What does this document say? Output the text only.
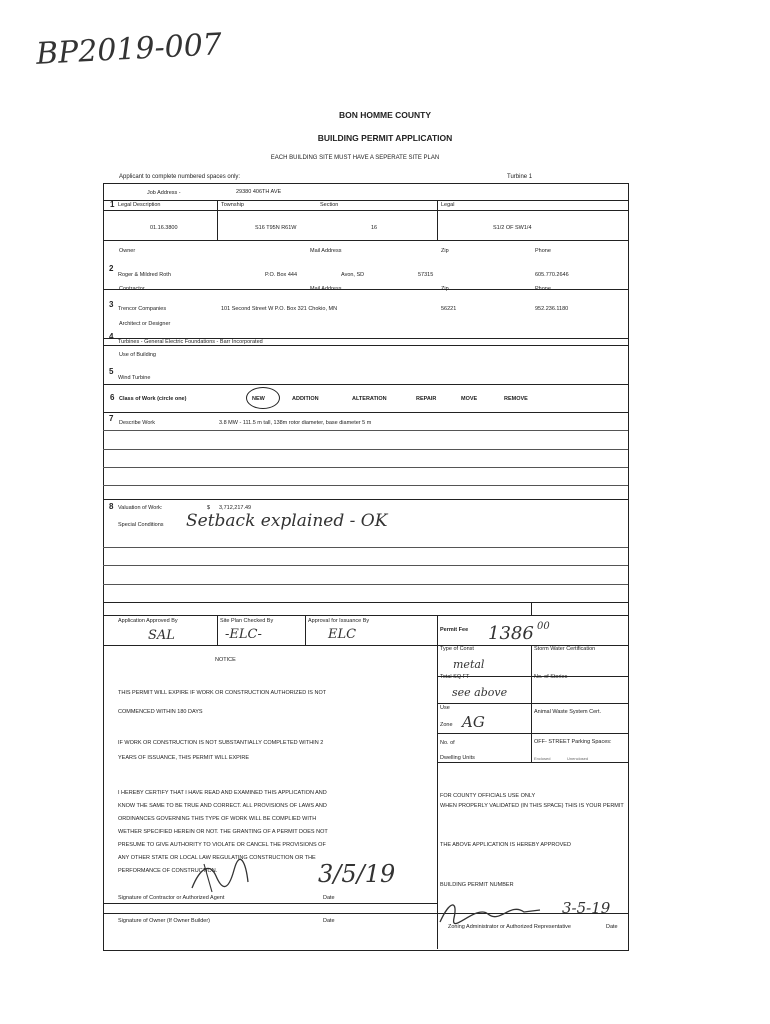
BP2019-007
BON HOMME COUNTY
BUILDING PERMIT APPLICATION
EACH BUILDING SITE MUST HAVE A SEPERATE SITE PLAN
Applicant to complete numbered spaces only:	Turbine 1
Job Address -	29380 406TH AVE
1 Legal Description	Township	Section	Legal
01.16.3800	S16 T95N R61W	16	S1/2 OF SW1/4
Owner	Mail Address	Zip	Phone
2
Roger & Mildred Roth	P.O. Box 444	Avon, SD	57315	605.770.2646
Contractor	Mail Address	Zip	Phone
3 Trencor Companies	101 Second Street W P.O. Box 321 Chokio, MN	56221	952.236.1180
Architect or Designer
4
Turbines - General Electric Foundations - Barr Incorporated
Use of Building
5
Wind Turbine
6 Class of Work (circle one)	NEW	ADDITION	ALTERATION	REPAIR	MOVE	REMOVE
7 Describe Work	3.8 MW - 111.5 m tall, 138m rotor diameter, base diameter 5 m
8 Valuation of Work:	$ 3,712,217.49
Special Conditions Setback explained - OK
Application Approved By	Site Plan Checked By	Approval for Issuance By
SAL	-ELC-	ELC	Permit Fee 1386 00
NOTICE
THIS PERMIT WILL EXPIRE IF WORK OR CONSTRUCTION AUTHORIZED IS NOT
COMMENCED WITHIN 180 DAYS
IF WORK OR CONSTRUCTION IS NOT SUBSTANTIALLY COMPLETED WITHIN 2
YEARS OF ISSUANCE, THIS PERMIT WILL EXPIRE
Type of Const	Storm Water Certification
metal
Total SQ FT	No. of Stories
see above
Use
Animal Waste System Cert.
Zone AG
No. of	OFF- STREET Parking Spaces:
Dwelling Units	Enclosed	Unenclosed
I HEREBY CERTIFY THAT I HAVE READ AND EXAMINED THIS APPLICATION AND
KNOW THE SAME TO BE TRUE AND CORRECT. ALL PROVISIONS OF LAWS AND
ORDINANCES GOVERNING THIS TYPE OF WORK WILL BE COMPLIED WITH
WETHER SPECIFIED HEREIN OR NOT. THE GRANTING OF A PERMIT DOES NOT
PRESUME TO GIVE AUTHORITY TO VIOLATE OR CANCEL THE PROVISIONS OF
ANY OTHER STATE OR LOCAL LAW REGULATING CONSTRUCTION OR THE
PERFORMANCE OF CONSTRUCTION.	3/5/19
Signature of Contractor or Authorized Agent	Date
Signature of Owner (If Owner Builder)	Date
FOR COUNTY OFFICIALS USE ONLY
WHEN PROPERLY VALIDATED (IN THIS SPACE) THIS IS YOUR PERMIT
THE ABOVE APPLICATION IS HEREBY APPROVED
BUILDING PERMIT NUMBER
3-5-19
Zoning Administrator or Authorized Representative	Date
